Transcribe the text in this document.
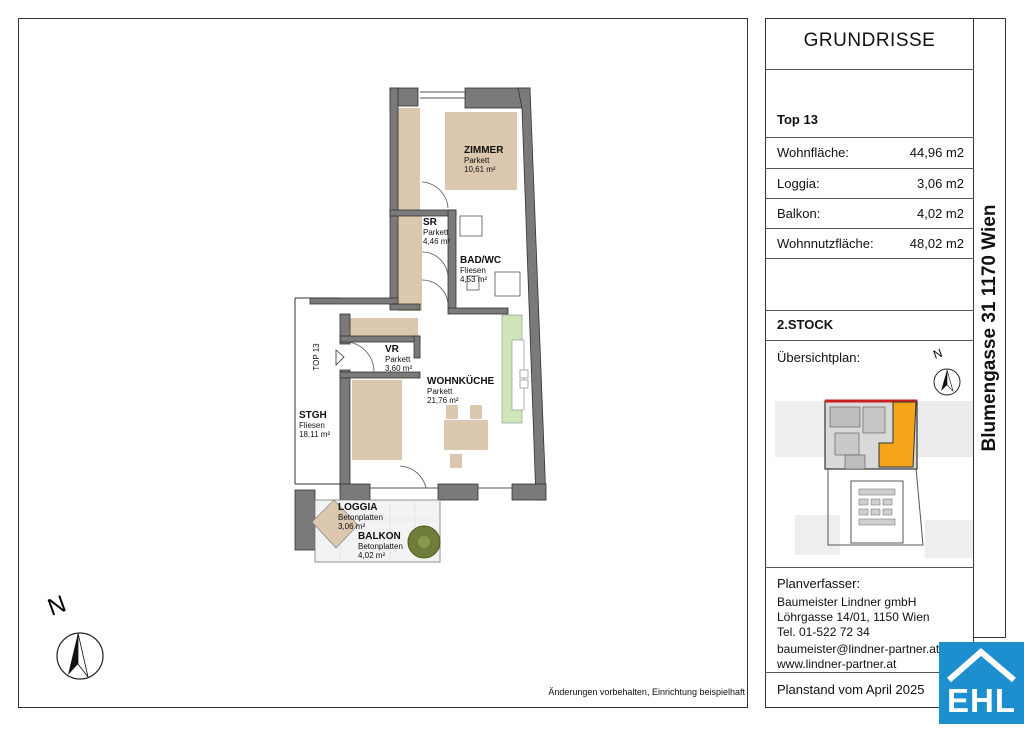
GRUNDRISSE
Top 13
Wohnfläche:	44,96 m2
Loggia:	3,06 m2
Balkon:	4,02 m2
Wohnnutzfläche:	48,02 m2
2.STOCK
Übersichtplan:	N Blumengasse 31 1170 Wien
Planverfasser:
Baumeister Lindner gmbH
Löhrgasse 14/01, 1150 Wien
Tel. 01-522 72 34
baumeister@lindner-partner.at
www.lindner-partner.at
Planstand vom April 2025
Änderungen vorbehalten, Einrichtung beispielhaft	EHL
N
ZIMMER
Parkett
10,61 m²
SR
Parkett
4,46 m²
BAD/WC
Fliesen
4,53 m²
VR
Parkett
3,60 m²
WOHNKÜCHE
Parkett
21,76 m²
STGH
Fliesen
18,11 m²
LOGGIA
Betonplatten
3,06 m²
BALKON
Betonplatten
4,02 m²
TOP 13
